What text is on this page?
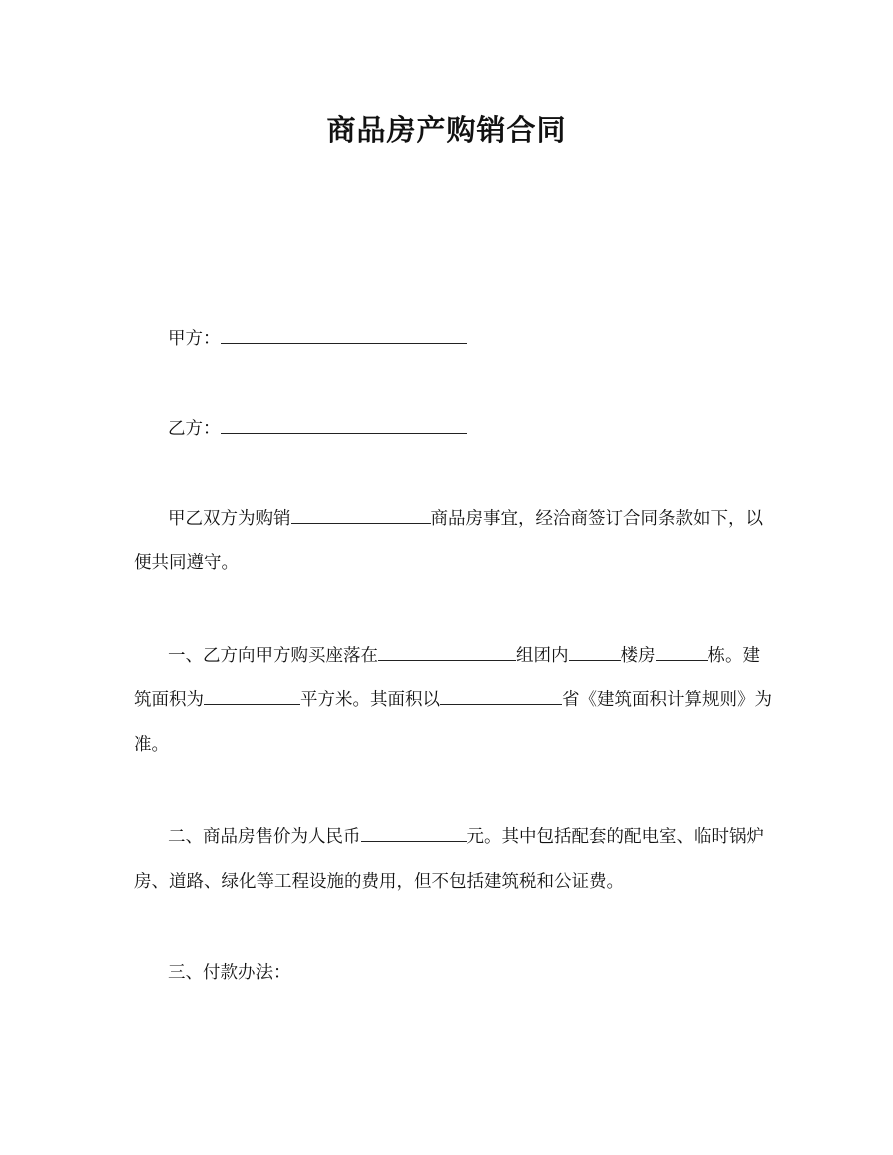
商品房产购销合同
甲方：
乙方：
甲乙双方为购销	商品房事宜，经洽商签订合同条款如下，以
便共同遵守。
一、乙方向甲方购买座落在	组团内	楼房	栋。建
筑面积为	平方米。其面积以	省《建筑面积计算规则》为
准。
二、商品房售价为人民币	元。其中包括配套的配电室、临时锅炉
房、道路、绿化等工程设施的费用，但不包括建筑税和公证费。
三、付款办法：
